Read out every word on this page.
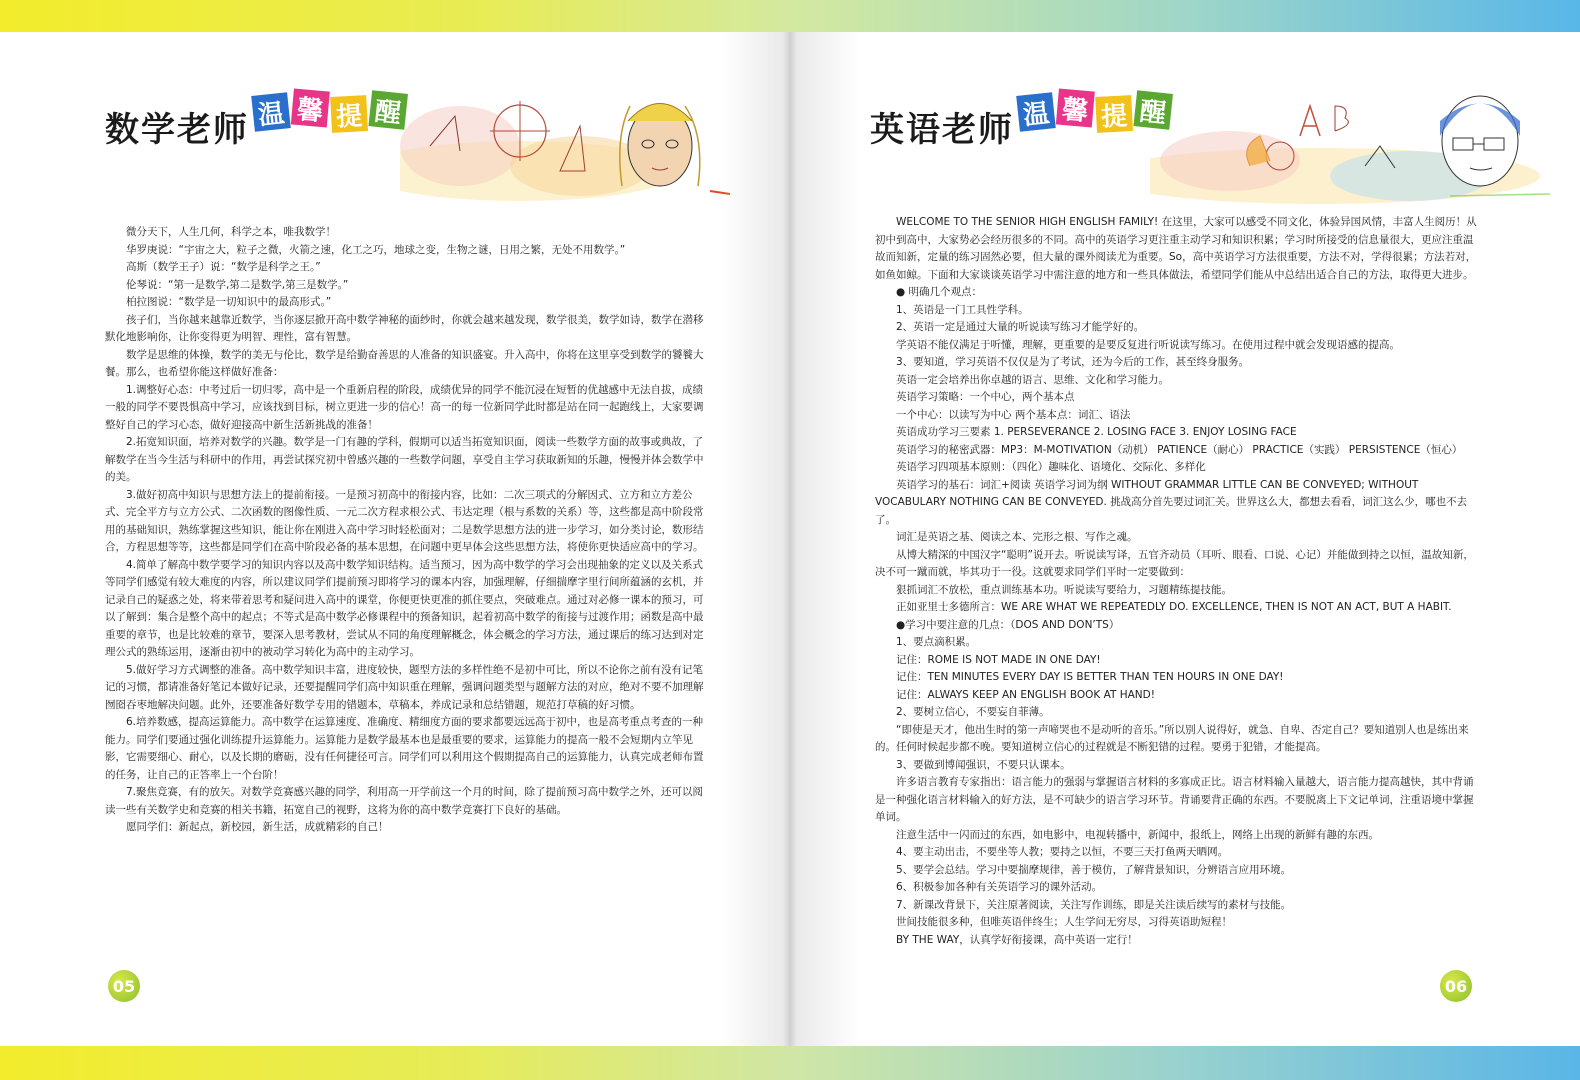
数学老师 温 馨 提 醒

微分天下，人生几何，科学之本，唯我数学！

华罗庚说：“宇宙之大，粒子之微，火箭之速，化工之巧，地球之变，生物之谜，日用之繁，无处不用数学。”

高斯（数学王子）说：“数学是科学之王。”

伦琴说：“第一是数学,第二是数学,第三是数学。”

柏拉图说：“数学是一切知识中的最高形式。”

孩子们，当你越来越靠近数学，当你逐层掀开高中数学神秘的面纱时，你就会越来越发现，数学很美，数学如诗，数学在潜移默化地影响你，让你变得更为明智、理性，富有智慧。

数学是思维的体操，数学的美无与伦比，数学是给勤奋善思的人准备的知识盛宴。升入高中，你将在这里享受到数学的饕餮大餐。那么，也希望你能这样做好准备：

1.调整好心态：中考过后一切归零，高中是一个重新启程的阶段，成绩优异的同学不能沉浸在短暂的优越感中无法自拔，成绩一般的同学不要畏惧高中学习，应该找到目标，树立更进一步的信心！高一的每一位新同学此时都是站在同一起跑线上，大家要调整好自己的学习心态，做好迎接高中新生活新挑战的准备！

2.拓宽知识面，培养对数学的兴趣。数学是一门有趣的学科，假期可以适当拓宽知识面，阅读一些数学方面的故事或典故，了解数学在当今生活与科研中的作用，再尝试探究初中曾感兴趣的一些数学问题，享受自主学习获取新知的乐趣，慢慢并体会数学中的美。

3.做好初高中知识与思想方法上的提前衔接。一是预习初高中的衔接内容，比如：二次三项式的分解因式、立方和立方差公式、完全平方与立方公式、二次函数的图像性质、一元二次方程求根公式、韦达定理（根与系数的关系）等，这些都是高中阶段常用的基础知识，熟练掌握这些知识，能让你在刚进入高中学习时轻松面对；二是数学思想方法的进一步学习，如分类讨论，数形结合，方程思想等等，这些都是同学们在高中阶段必备的基本思想，在问题中更早体会这些思想方法，将使你更快适应高中的学习。

4.简单了解高中数学要学习的知识内容以及高中数学知识结构。适当预习，因为高中数学的学习会出现抽象的定义以及关系式等同学们感觉有较大难度的内容，所以建议同学们提前预习即将学习的课本内容，加强理解，仔细揣摩字里行间所蕴涵的玄机，并记录自己的疑惑之处，将来带着思考和疑问进入高中的课堂，你便更快更准的抓住要点，突破难点。通过对必修一课本的预习，可以了解到：集合是整个高中的起点；不等式是高中数学必修课程中的预备知识，起着初高中数学的衔接与过渡作用；函数是高中最重要的章节，也是比较难的章节，要深入思考教材，尝试从不同的角度理解概念，体会概念的学习方法，通过课后的练习达到对定理公式的熟练运用，逐渐由初中的被动学习转化为高中的主动学习。

5.做好学习方式调整的准备。高中数学知识丰富，进度较快，题型方法的多样性绝不是初中可比，所以不论你之前有没有记笔记的习惯，都请准备好笔记本做好记录，还要提醒同学们高中知识重在理解，强调问题类型与题解方法的对应，绝对不要不加理解囫囵吞枣地解决问题。此外，还要准备好数学专用的错题本，草稿本，养成记录和总结错题，规范打草稿的好习惯。

6.培养数感，提高运算能力。高中数学在运算速度、准确度、精细度方面的要求都要远远高于初中，也是高考重点考查的一种能力。同学们要通过强化训练提升运算能力。运算能力是数学最基本也是最重要的要求，运算能力的提高一般不会短期内立竿见影，它需要细心、耐心，以及长期的磨砺，没有任何捷径可言。同学们可以利用这个假期提高自己的运算能力，认真完成老师布置的任务，让自己的正答率上一个台阶！

7.聚焦竞赛，有的放矢。对数学竞赛感兴趣的同学，利用高一开学前这一个月的时间，除了提前预习高中数学之外，还可以阅读一些有关数学史和竞赛的相关书籍，拓宽自己的视野，这将为你的高中数学竞赛打下良好的基础。

愿同学们：新起点，新校园，新生活，成就精彩的自己！

05
英语老师 温 馨 提 醒

WELCOME TO THE SENIOR HIGH ENGLISH FAMILY! 在这里，大家可以感受不同文化，体验异国风情，丰富人生阅历！从初中到高中，大家势必会经历很多的不同。高中的英语学习更注重主动学习和知识积累；学习时所接受的信息量很大，更应注重温故而知新，定量的练习固然必要，但大量的课外阅读尤为重要。So，高中英语学习方法很重要，方法不对，学得很累；方法若对，如鱼如鲸。下面和大家谈谈英语学习中需注意的地方和一些具体做法，希望同学们能从中总结出适合自己的方法，取得更大进步。

● 明确几个观点：

1、英语是一门工具性学科。

2、英语一定是通过大量的听说读写练习才能学好的。

学英语不能仅满足于听懂，理解，更重要的是要反复进行听说读写练习。在使用过程中就会发现语感的提高。

3、要知道，学习英语不仅仅是为了考试，还为今后的工作，甚至终身服务。

英语一定会培养出你卓越的语言、思维、文化和学习能力。

英语学习策略：一个中心，两个基本点

一个中心：以读写为中心 两个基本点：词汇、语法

英语成功学习三要素 1. PERSEVERANCE 2. LOSING FACE 3. ENJOY LOSING FACE

英语学习的秘密武器：MP3：M-MOTIVATION（动机） PATIENCE（耐心） PRACTICE（实践） PERSISTENCE（恒心）

英语学习四项基本原则：（四化）趣味化、语境化、交际化、多样化

英语学习的基石：词汇+阅读 英语学习词为纲 WITHOUT GRAMMAR LITTLE CAN BE CONVEYED; WITHOUT VOCABULARY NOTHING CAN BE CONVEYED. 挑战高分首先要过词汇关。世界这么大，都想去看看，词汇这么少，哪也不去了。

词汇是英语之基、阅读之本、完形之根、写作之魂。

从博大精深的中国汉字“聪明”说开去。听说读写译，五官齐动员（耳听、眼看、口说、心记）并能做到持之以恒，温故知新，决不可一蹴而就，毕其功于一役。这就要求同学们平时一定要做到：

狠抓词汇不放松，重点训练基本功。听说读写要给力，习题精练提技能。

正如亚里士多德所言：WE ARE WHAT WE REPEATEDLY DO. EXCELLENCE, THEN IS NOT AN ACT, BUT A HABIT.

●学习中要注意的几点：（DOS AND DON’TS）

1、要点滴积累。

记住：ROME IS NOT MADE IN ONE DAY!

记住：TEN MINUTES EVERY DAY IS BETTER THAN TEN HOURS IN ONE DAY!

记住：ALWAYS KEEP AN ENGLISH BOOK AT HAND!

2、要树立信心，不要妄自菲薄。

“即使是天才，他出生时的第一声啼哭也不是动听的音乐。”所以别人说得好，就急、自卑、否定自己？要知道别人也是练出来的。任何时候起步都不晚。要知道树立信心的过程就是不断犯错的过程。要勇于犯错，才能提高。

3、要做到博闻强识，不要只认课本。

许多语言教育专家指出：语言能力的强弱与掌握语言材料的多寡成正比。语言材料输入量越大，语言能力提高越快，其中背诵是一种强化语言材料输入的好方法，是不可缺少的语言学习环节。背诵要背正确的东西。不要脱离上下文记单词，注重语境中掌握单词。

注意生活中一闪而过的东西，如电影中，电视转播中，新闻中，报纸上，网络上出现的新鲜有趣的东西。

4、要主动出击，不要坐等人教；要持之以恒，不要三天打鱼两天晒网。

5、要学会总结。学习中要揣摩规律，善于模仿，了解背景知识，分辨语言应用环境。

6、积极参加各种有关英语学习的课外活动。

7、新课改背景下，关注原著阅读，关注写作训练，即是关注读后续写的素材与技能。

世间技能很多种，但唯英语伴终生；人生学问无穷尽，习得英语助短程！

BY THE WAY，认真学好衔接课，高中英语一定行！

06
